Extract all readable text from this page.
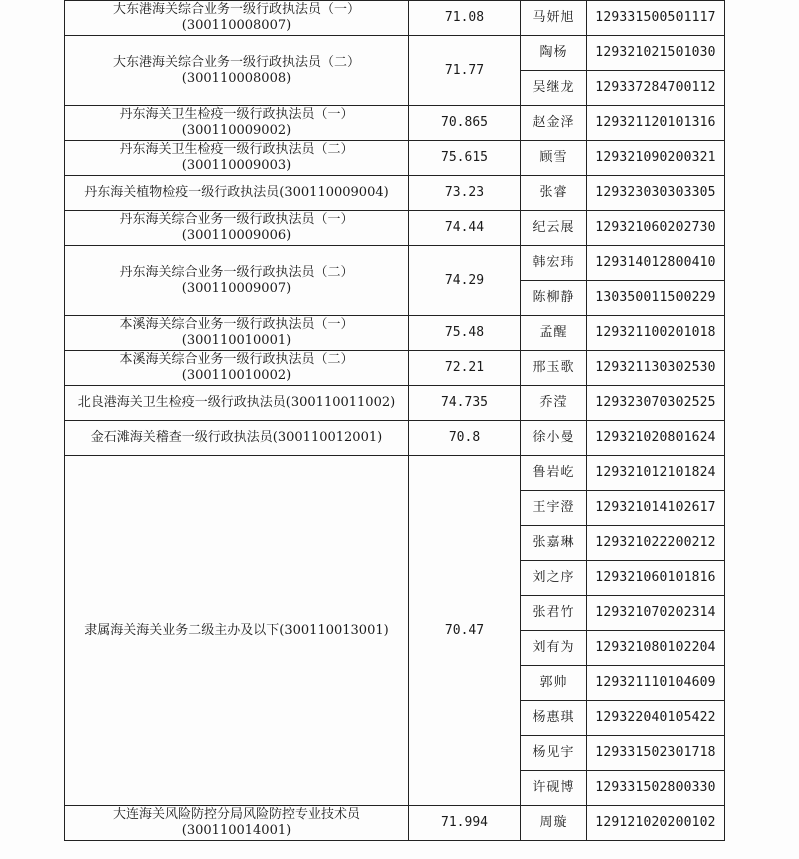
大东港海关综合业务一级行政执法员（一）
(300110008007)	71.08	马妍旭	129331500501117

大东港海关综合业务一级行政执法员（二）
(300110008008)	71.77	陶杨	129321021501030
		吴继龙	129337284700112

丹东海关卫生检疫一级行政执法员（一）
(300110009002)	70.865	赵金泽	129321120101316

丹东海关卫生检疫一级行政执法员（二）
(300110009003)	75.615	顾雪	129321090200321

丹东海关植物检疫一级行政执法员(300110009004)	73.23	张睿	129323030303305

丹东海关综合业务一级行政执法员（一）
(300110009006)	74.44	纪云展	129321060202730

丹东海关综合业务一级行政执法员（二）
(300110009007)	74.29	韩宏玮	129314012800410
		陈柳静	130350011500229

本溪海关综合业务一级行政执法员（一）
(300110010001)	75.48	孟醒	129321100201018

本溪海关综合业务一级行政执法员（二）
(300110010002)	72.21	邢玉歌	129321130302530

北良港海关卫生检疫一级行政执法员(300110011002)	74.735	乔滢	129323070302525

金石滩海关稽查一级行政执法员(300110012001)	70.8	徐小曼	129321020801624

隶属海关海关业务二级主办及以下(300110013001)	70.47	鲁岩屹	129321012101824
		王宇澄	129321014102617
		张嘉琳	129321022200212
		刘之序	129321060101816
		张君竹	129321070202314
		刘有为	129321080102204
		郭帅	129321110104609
		杨惠琪	129322040105422
		杨见宇	129331502301718
		许砚博	129331502800330

大连海关风险防控分局风险防控专业技术员
(300110014001)	71.994	周璇	129121020200102
